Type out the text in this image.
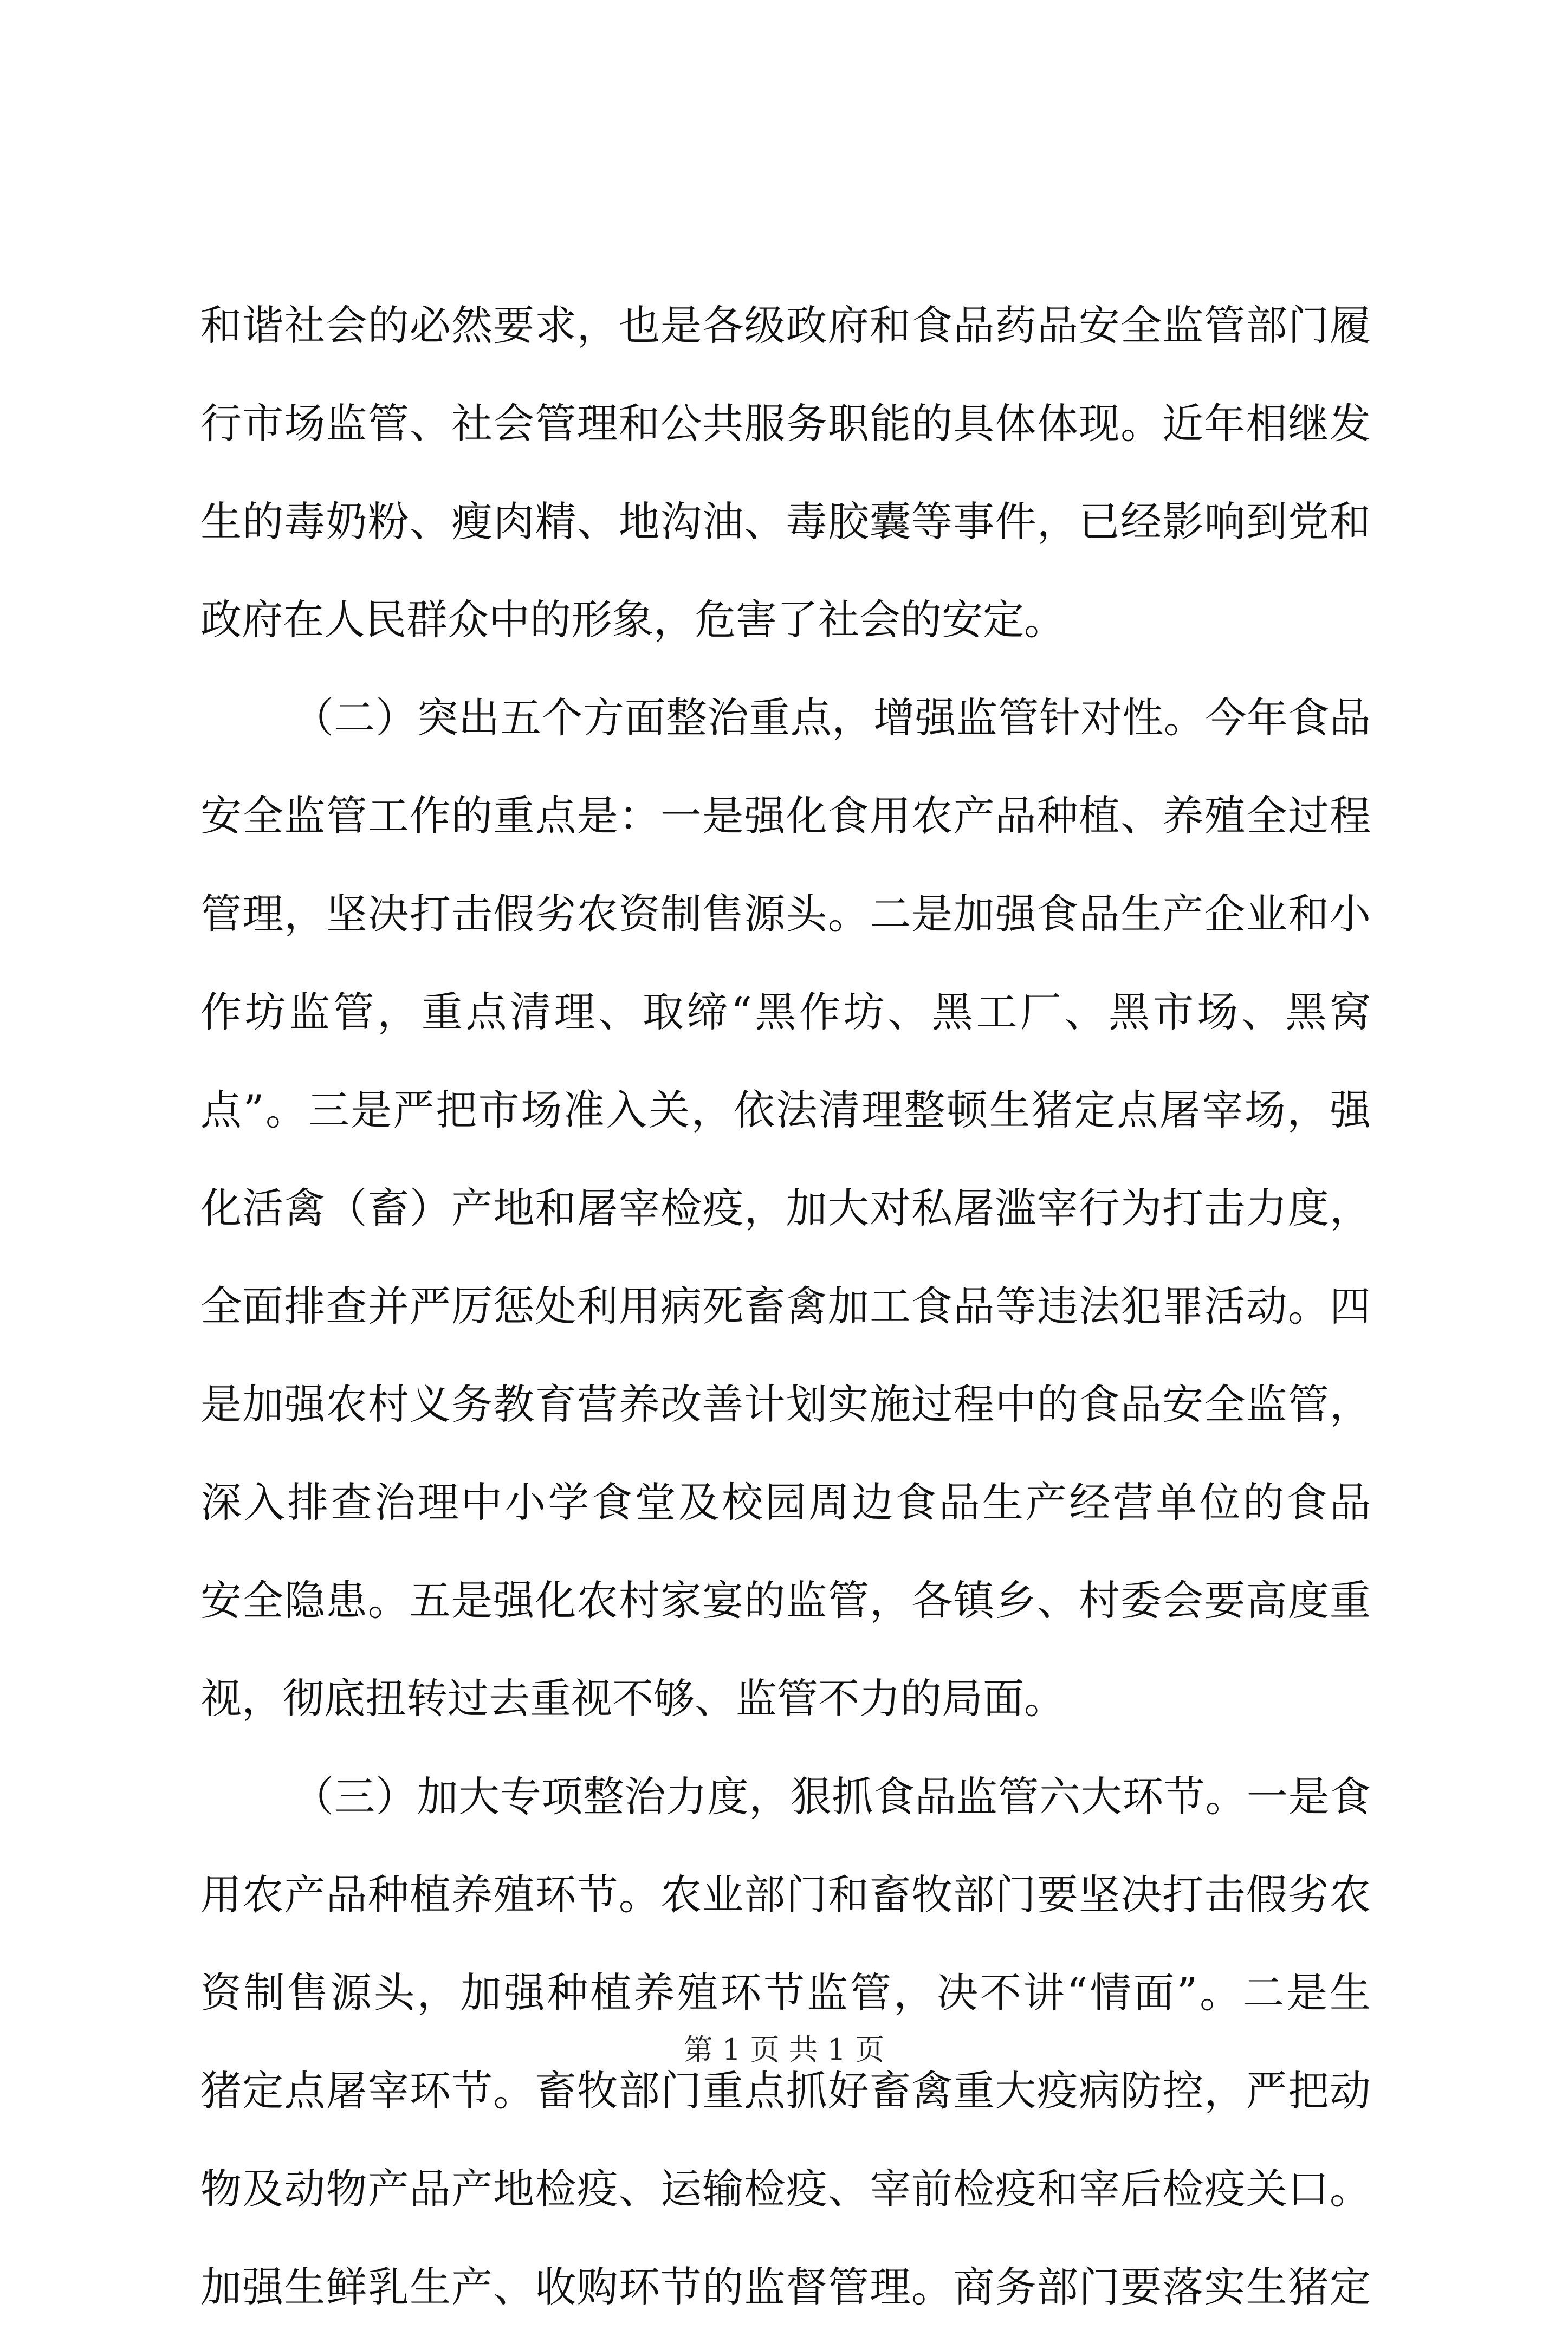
和谐社会的必然要求，也是各级政府和食品药品安全监管部门履
行市场监管、社会管理和公共服务职能的具体体现。近年相继发
生的毒奶粉、瘦肉精、地沟油、毒胶囊等事件，已经影响到党和
政府在人民群众中的形象，危害了社会的安定。
（二）突出五个方面整治重点，增强监管针对性。今年食品
安全监管工作的重点是：一是强化食用农产品种植、养殖全过程
管理，坚决打击假劣农资制售源头。二是加强食品生产企业和小
作坊监管，重点清理、取缔“黑作坊、黑工厂、黑市场、黑窝
点”。三是严把市场准入关，依法清理整顿生猪定点屠宰场，强
化活禽（畜）产地和屠宰检疫，加大对私屠滥宰行为打击力度，
全面排查并严厉惩处利用病死畜禽加工食品等违法犯罪活动。四
是加强农村义务教育营养改善计划实施过程中的食品安全监管，
深入排查治理中小学食堂及校园周边食品生产经营单位的食品
安全隐患。五是强化农村家宴的监管，各镇乡、村委会要高度重
视，彻底扭转过去重视不够、监管不力的局面。
（三）加大专项整治力度，狠抓食品监管六大环节。一是食
用农产品种植养殖环节。农业部门和畜牧部门要坚决打击假劣农
资制售源头，加强种植养殖环节监管，决不讲“情面”。二是生
猪定点屠宰环节。畜牧部门重点抓好畜禽重大疫病防控，严把动
物及动物产品产地检疫、运输检疫、宰前检疫和宰后检疫关口。
加强生鲜乳生产、收购环节的监督管理。商务部门要落实生猪定
第 1 页 共 1 页
